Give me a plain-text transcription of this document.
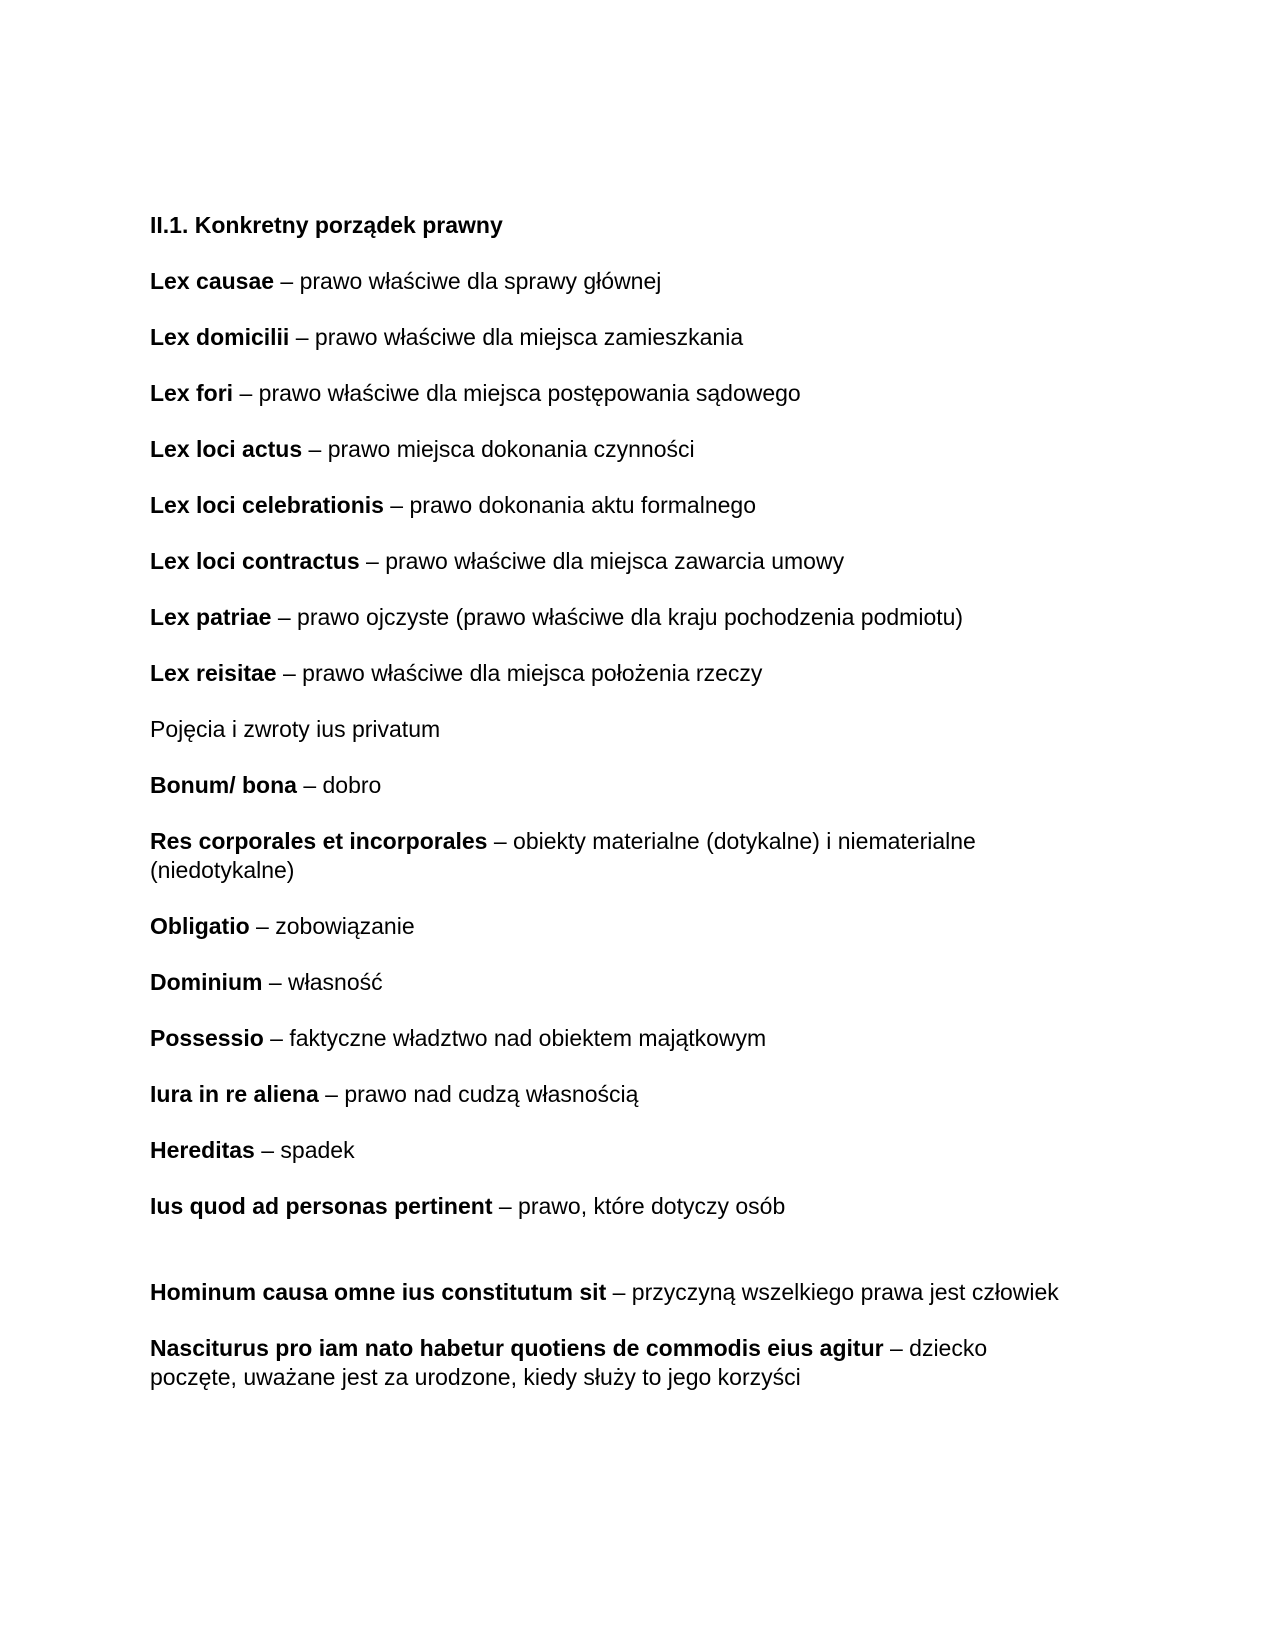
II.1. Konkretny porządek prawny
Lex causae – prawo właściwe dla sprawy głównej
Lex domicilii – prawo właściwe dla miejsca zamieszkania
Lex fori – prawo właściwe dla miejsca postępowania sądowego
Lex loci actus – prawo miejsca dokonania czynności
Lex loci celebrationis – prawo dokonania aktu formalnego
Lex loci contractus – prawo właściwe dla miejsca zawarcia umowy
Lex patriae – prawo ojczyste (prawo właściwe dla kraju pochodzenia podmiotu)
Lex reisitae – prawo właściwe dla miejsca położenia rzeczy
Pojęcia i zwroty ius privatum
Bonum/ bona – dobro
Res corporales et incorporales – obiekty materialne (dotykalne) i niematerialne (niedotykalne)
Obligatio – zobowiązanie
Dominium – własność
Possessio – faktyczne władztwo nad obiektem majątkowym
Iura in re aliena – prawo nad cudzą własnością
Hereditas – spadek
Ius quod ad personas pertinent – prawo, które dotyczy osób
Hominum causa omne ius constitutum sit – przyczyną wszelkiego prawa jest człowiek
Nasciturus pro iam nato habetur quotiens de commodis eius agitur – dziecko poczęte, uważane jest za urodzone, kiedy służy to jego korzyści
